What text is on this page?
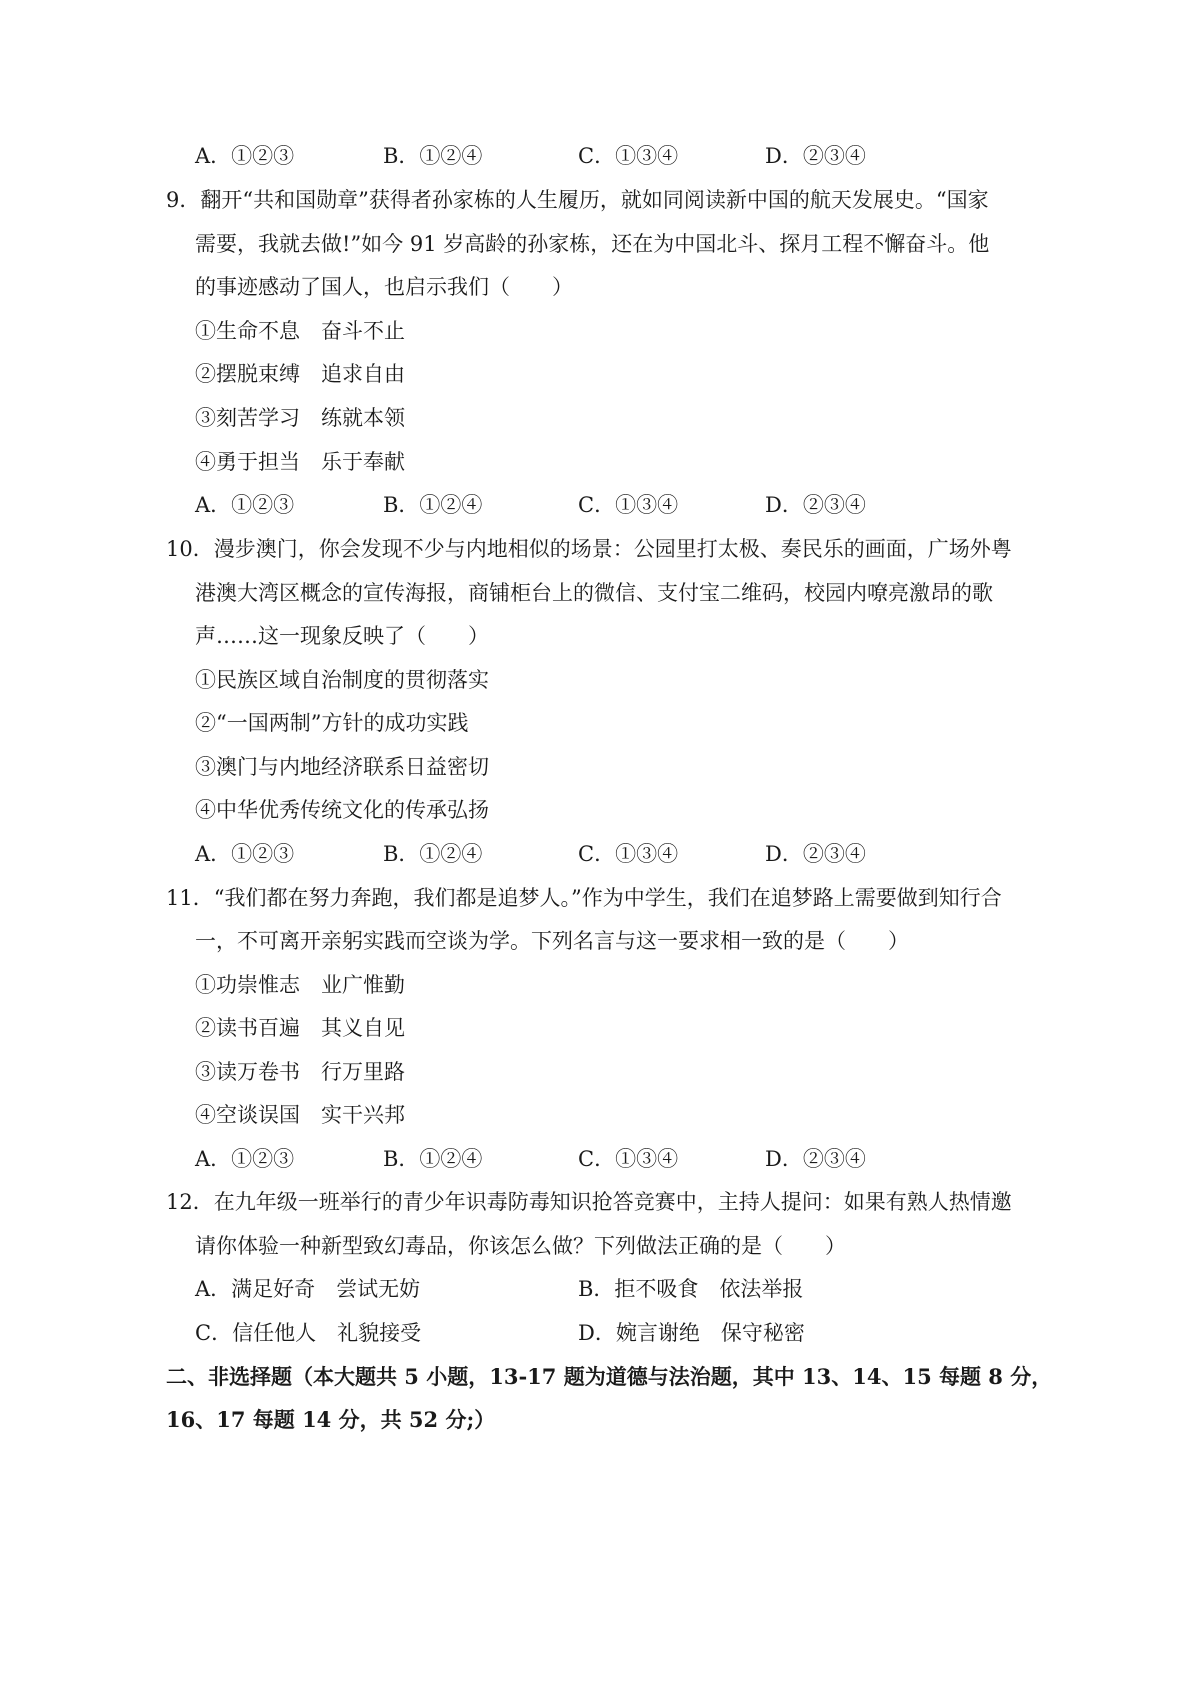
A．①②③	B．①②④	C．①③④	D．②③④
9．翻开“共和国勋章”获得者孙家栋的人生履历，就如同阅读新中国的航天发展史。“国家
需要，我就去做!”如今 91 岁高龄的孙家栋，还在为中国北斗、探月工程不懈奋斗。他
的事迹感动了国人，也启示我们（　　）
①生命不息　奋斗不止
②摆脱束缚　追求自由
③刻苦学习　练就本领
④勇于担当　乐于奉献
A．①②③	B．①②④	C．①③④	D．②③④
10．漫步澳门，你会发现不少与内地相似的场景：公园里打太极、奏民乐的画面，广场外粤
港澳大湾区概念的宣传海报，商铺柜台上的微信、支付宝二维码，校园内嘹亮激昂的歌
声……这一现象反映了（　　）
①民族区域自治制度的贯彻落实
②“一国两制”方针的成功实践
③澳门与内地经济联系日益密切
④中华优秀传统文化的传承弘扬
A．①②③	B．①②④	C．①③④	D．②③④
11．“我们都在努力奔跑，我们都是追梦人。”作为中学生，我们在追梦路上需要做到知行合
一，不可离开亲躬实践而空谈为学。下列名言与这一要求相一致的是（　　）
①功崇惟志　业广惟勤
②读书百遍　其义自见
③读万卷书　行万里路
④空谈误国　实干兴邦
A．①②③	B．①②④	C．①③④	D．②③④
12．在九年级一班举行的青少年识毒防毒知识抢答竞赛中，主持人提问：如果有熟人热情邀
请你体验一种新型致幻毒品，你该怎么做？下列做法正确的是（　　）
A．满足好奇　尝试无妨	B．拒不吸食　依法举报
C．信任他人　礼貌接受	D．婉言谢绝　保守秘密
二、非选择题（本大题共 5 小题，13-17 题为道德与法治题，其中 13、14、15 每题 8 分，
16、17 每题 14 分，共 52 分;）
